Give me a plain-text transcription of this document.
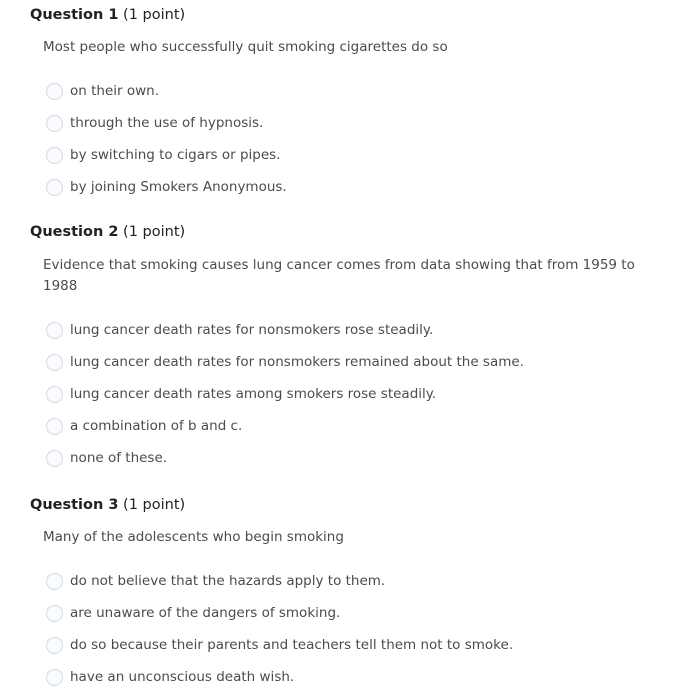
Question 1 (1 point)
Most people who successfully quit smoking cigarettes do so
on their own.
through the use of hypnosis.
by switching to cigars or pipes.
by joining Smokers Anonymous.
Question 2 (1 point)
Evidence that smoking causes lung cancer comes from data showing that from 1959 to 1988
lung cancer death rates for nonsmokers rose steadily.
lung cancer death rates for nonsmokers remained about the same.
lung cancer death rates among smokers rose steadily.
a combination of b and c.
none of these.
Question 3 (1 point)
Many of the adolescents who begin smoking
do not believe that the hazards apply to them.
are unaware of the dangers of smoking.
do so because their parents and teachers tell them not to smoke.
have an unconscious death wish.
